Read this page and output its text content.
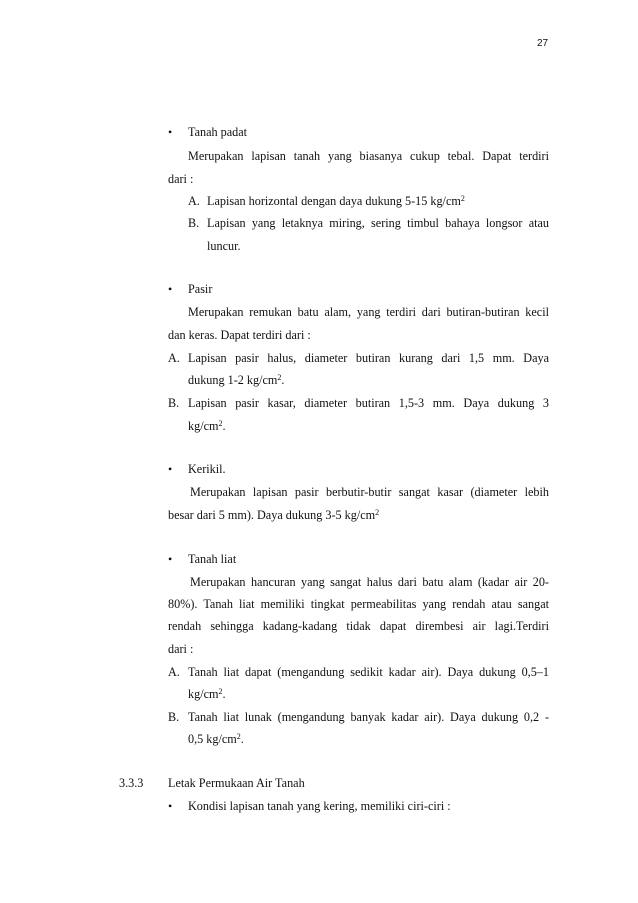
27
• Tanah padat
Merupakan lapisan tanah yang biasanya cukup tebal. Dapat terdiri
dari :
A. Lapisan horizontal dengan daya dukung 5-15 $kg/cm^2$
B. Lapisan yang letaknya miring, sering timbul bahaya longsor atau
luncur.
• Pasir
Merupakan remukan batu alam, yang terdiri dari butiran-butiran kecil
dan keras. Dapat terdiri dari :
A. Lapisan pasir halus, diameter butiran kurang dari 1,5 mm. Daya
dukung 1-2 $kg/cm^2$.
B. Lapisan pasir kasar, diameter butiran 1,5-3 mm. Daya dukung 3
$kg/cm^2$.
• Kerikil.
Merupakan lapisan pasir berbutir-butir sangat kasar (diameter lebih
besar dari 5 mm). Daya dukung 3-5 $kg/cm^2$
• Tanah liat
Merupakan hancuran yang sangat halus dari batu alam (kadar air 20-
80%). Tanah liat memiliki tingkat permeabilitas yang rendah atau sangat
rendah sehingga kadang-kadang tidak dapat dirembesi air lagi.Terdiri
dari :
A. Tanah liat dapat (mengandung sedikit kadar air). Daya dukung 0,5–1
$kg/cm^2$.
B. Tanah liat lunak (mengandung banyak kadar air). Daya dukung 0,2 -
0,5 $kg/cm^2$.
3.3.3 Letak Permukaan Air Tanah
• Kondisi lapisan tanah yang kering, memiliki ciri-ciri :
